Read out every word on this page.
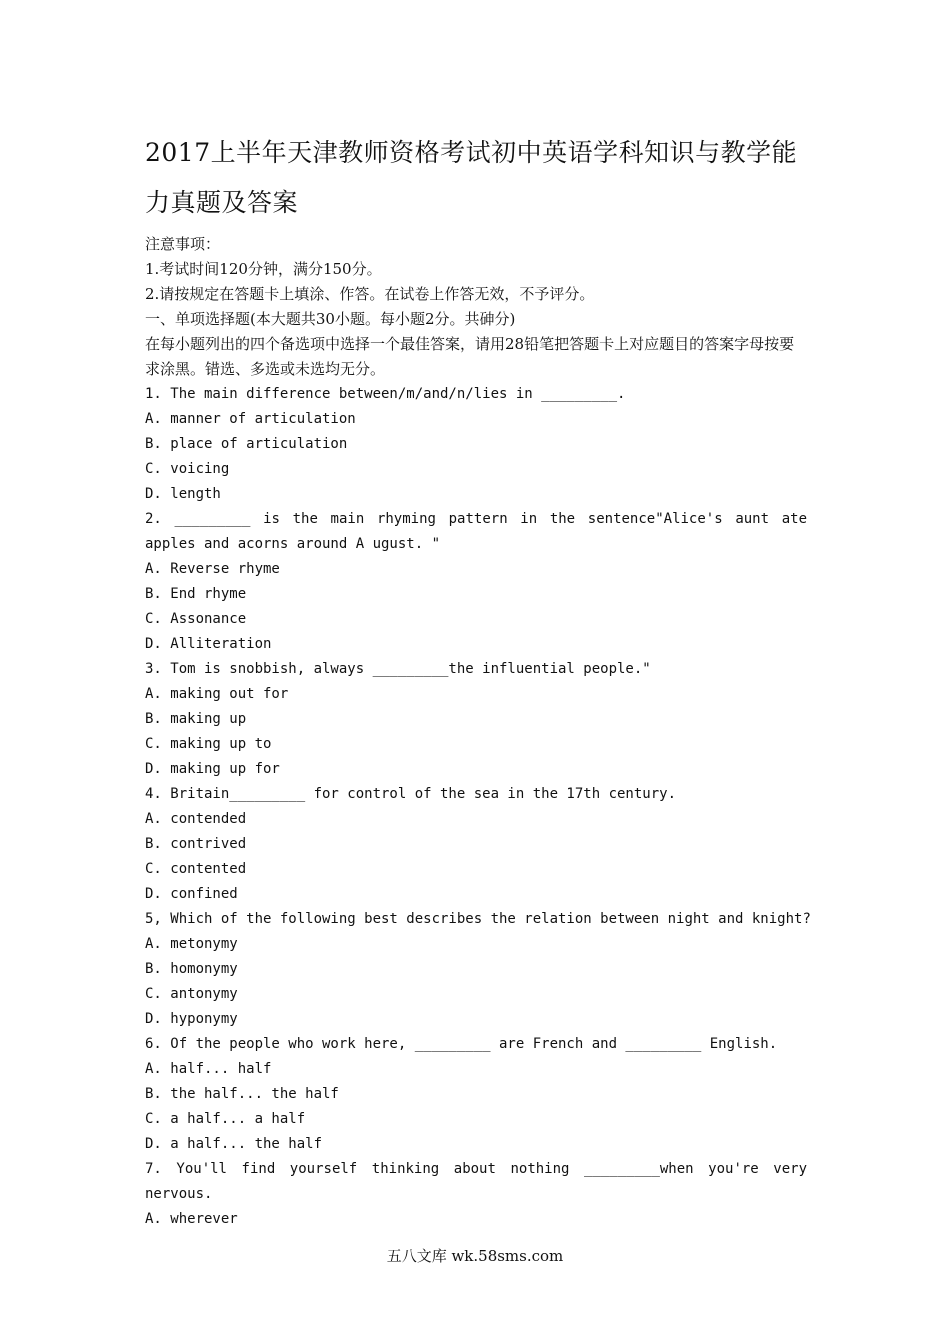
2017上半年天津教师资格考试初中英语学科知识与教学能力真题及答案
注意事项：
1.考试时间120分钟，满分150分。
2.请按规定在答题卡上填涂、作答。在试卷上作答无效，不予评分。
一、单项选择题(本大题共30小题。每小题2分。共砷分)
在每小题列出的四个备选项中选择一个最佳答案，请用28铅笔把答题卡上对应题目的答案字母按要求涂黑。错选、多选或未选均无分。
1. The main difference between/m/and/n/lies in _________.
A. manner of articulation
B. place of articulation
C. voicing
D. length
2. _________ is the main rhyming pattern in the sentence"Alice's aunt ate apples and acorns around A ugust. "
A. Reverse rhyme
B. End rhyme
C. Assonance
D. Alliteration
3. Tom is snobbish, always _________the influential people."
A. making out for
B. making up
C. making up to
D. making up for
4. Britain_________ for control of the sea in the 17th century.
A. contended
B. contrived
C. contented
D. confined
5, Which of the following best describes the relation between night and knight?
A. metonymy
B. homonymy
C. antonymy
D. hyponymy
6. Of the people who work here, _________ are French and _________ English.
A. half... half
B. the half... the half
C. a half... a half
D. a half... the half
7. You'll find yourself thinking about nothing _________when you're very nervous.
A. wherever
五八文库 wk.58sms.com
